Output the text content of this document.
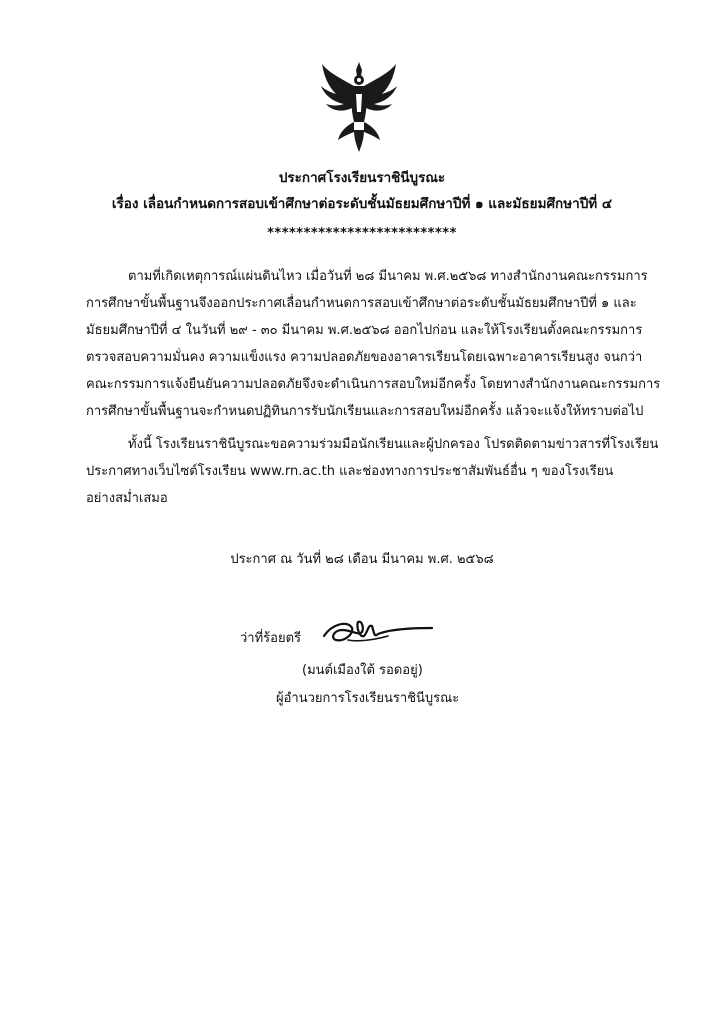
ประกาศโรงเรียนราชินีบูรณะ
เรื่อง เลื่อนกำหนดการสอบเข้าศึกษาต่อระดับชั้นมัธยมศึกษาปีที่ ๑ และมัธยมศึกษาปีที่ ๔
**************************
ตามที่เกิดเหตุการณ์แผ่นดินไหว เมื่อวันที่ ๒๘ มีนาคม พ.ศ.๒๕๖๘ ทางสำนักงานคณะกรรมการ
การศึกษาขั้นพื้นฐานจึงออกประกาศเลื่อนกำหนดการสอบเข้าศึกษาต่อระดับชั้นมัธยมศึกษาปีที่ ๑ และ
มัธยมศึกษาปีที่ ๔ ในวันที่ ๒๙ - ๓๐ มีนาคม พ.ศ.๒๕๖๘ ออกไปก่อน และให้โรงเรียนตั้งคณะกรรมการ
ตรวจสอบความมั่นคง ความแข็งแรง ความปลอดภัยของอาคารเรียนโดยเฉพาะอาคารเรียนสูง จนกว่า
คณะกรรมการแจ้งยืนยันความปลอดภัยจึงจะดำเนินการสอบใหม่อีกครั้ง โดยทางสำนักงานคณะกรรมการ
การศึกษาขั้นพื้นฐานจะกำหนดปฏิทินการรับนักเรียนและการสอบใหม่อีกครั้ง แล้วจะแจ้งให้ทราบต่อไป
ทั้งนี้ โรงเรียนราชินีบูรณะขอความร่วมมือนักเรียนและผู้ปกครอง โปรดติดตามข่าวสารที่โรงเรียน
ประกาศทางเว็บไซต์โรงเรียน www.rn.ac.th และช่องทางการประชาสัมพันธ์อื่น ๆ ของโรงเรียน
อย่างสม่ำเสมอ
ประกาศ ณ วันที่ ๒๘ เดือน มีนาคม พ.ศ. ๒๕๖๘
ว่าที่ร้อยตรี
(มนต์เมืองใต้ รอดอยู่)
ผู้อำนวยการโรงเรียนราชินีบูรณะ
